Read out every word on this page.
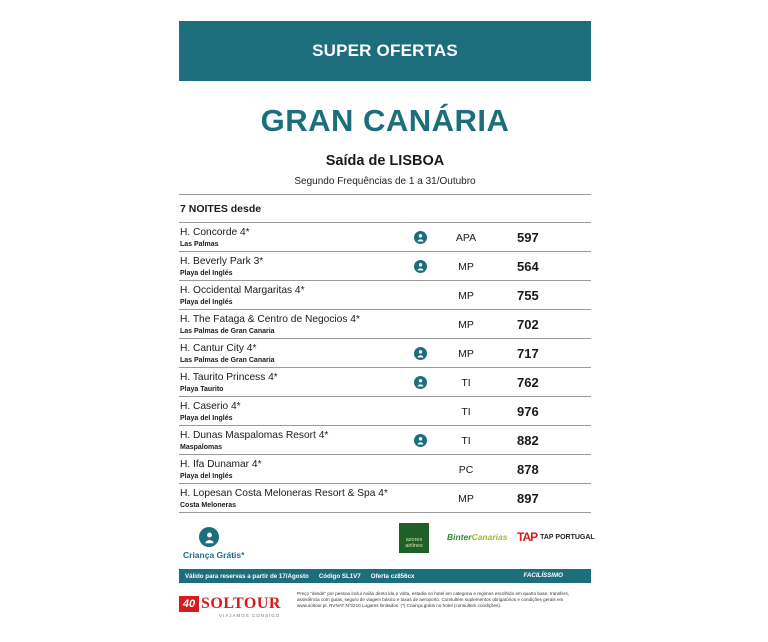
SUPER OFERTAS
GRAN CANÁRIA
Saída de LISBOA
Segundo Frequências de 1 a 31/Outubro
7 NOITES desde
H. Concorde 4*
Las Palmas
APA	597
H. Beverly Park 3*
Playa del Inglés
MP	564
H. Occidental Margaritas 4*
Playa del Inglés
MP	755
H. The Fataga & Centro de Negocios 4*
Las Palmas de Gran Canaria
MP	702
H. Cantur City 4*
Las Palmas de Gran Canaria
MP	717
H. Taurito Princess 4*
Playa Taurito
TI	762
H. Caserio 4*
Playa del Inglés
TI	976
H. Dunas Maspalomas Resort 4*
Maspalomas
TI	882
H. Ifa Dunamar 4*
Playa del Inglés
PC	878
H. Lopesan Costa Meloneras Resort & Spa 4*
Costa Meloneras
MP	897
Criança Grátis*
azores airlines
BinterCanarias TAP TAP PORTUGAL
Válido para reservas a partir de 17/Agosto Código SL1V7 Oferta cz856cx	FACILÍSSIMO
40 SOLTOUR
VIAJAMOS CONSIGO
Preço "desde" por pessoa inclui Avião direto ida e volta, estadia no hotel em categoria e regimes escolhido em quarto base, transfers, assistência com guias, seguro de viagem básico e taxas de aeroporto. Consultem suplementos obrigatórios e condições gerais em www.soltour.pt. RVNAT Nº2210 Lugares limitados. (*) Criança grátis no hotel (consultem condições).
